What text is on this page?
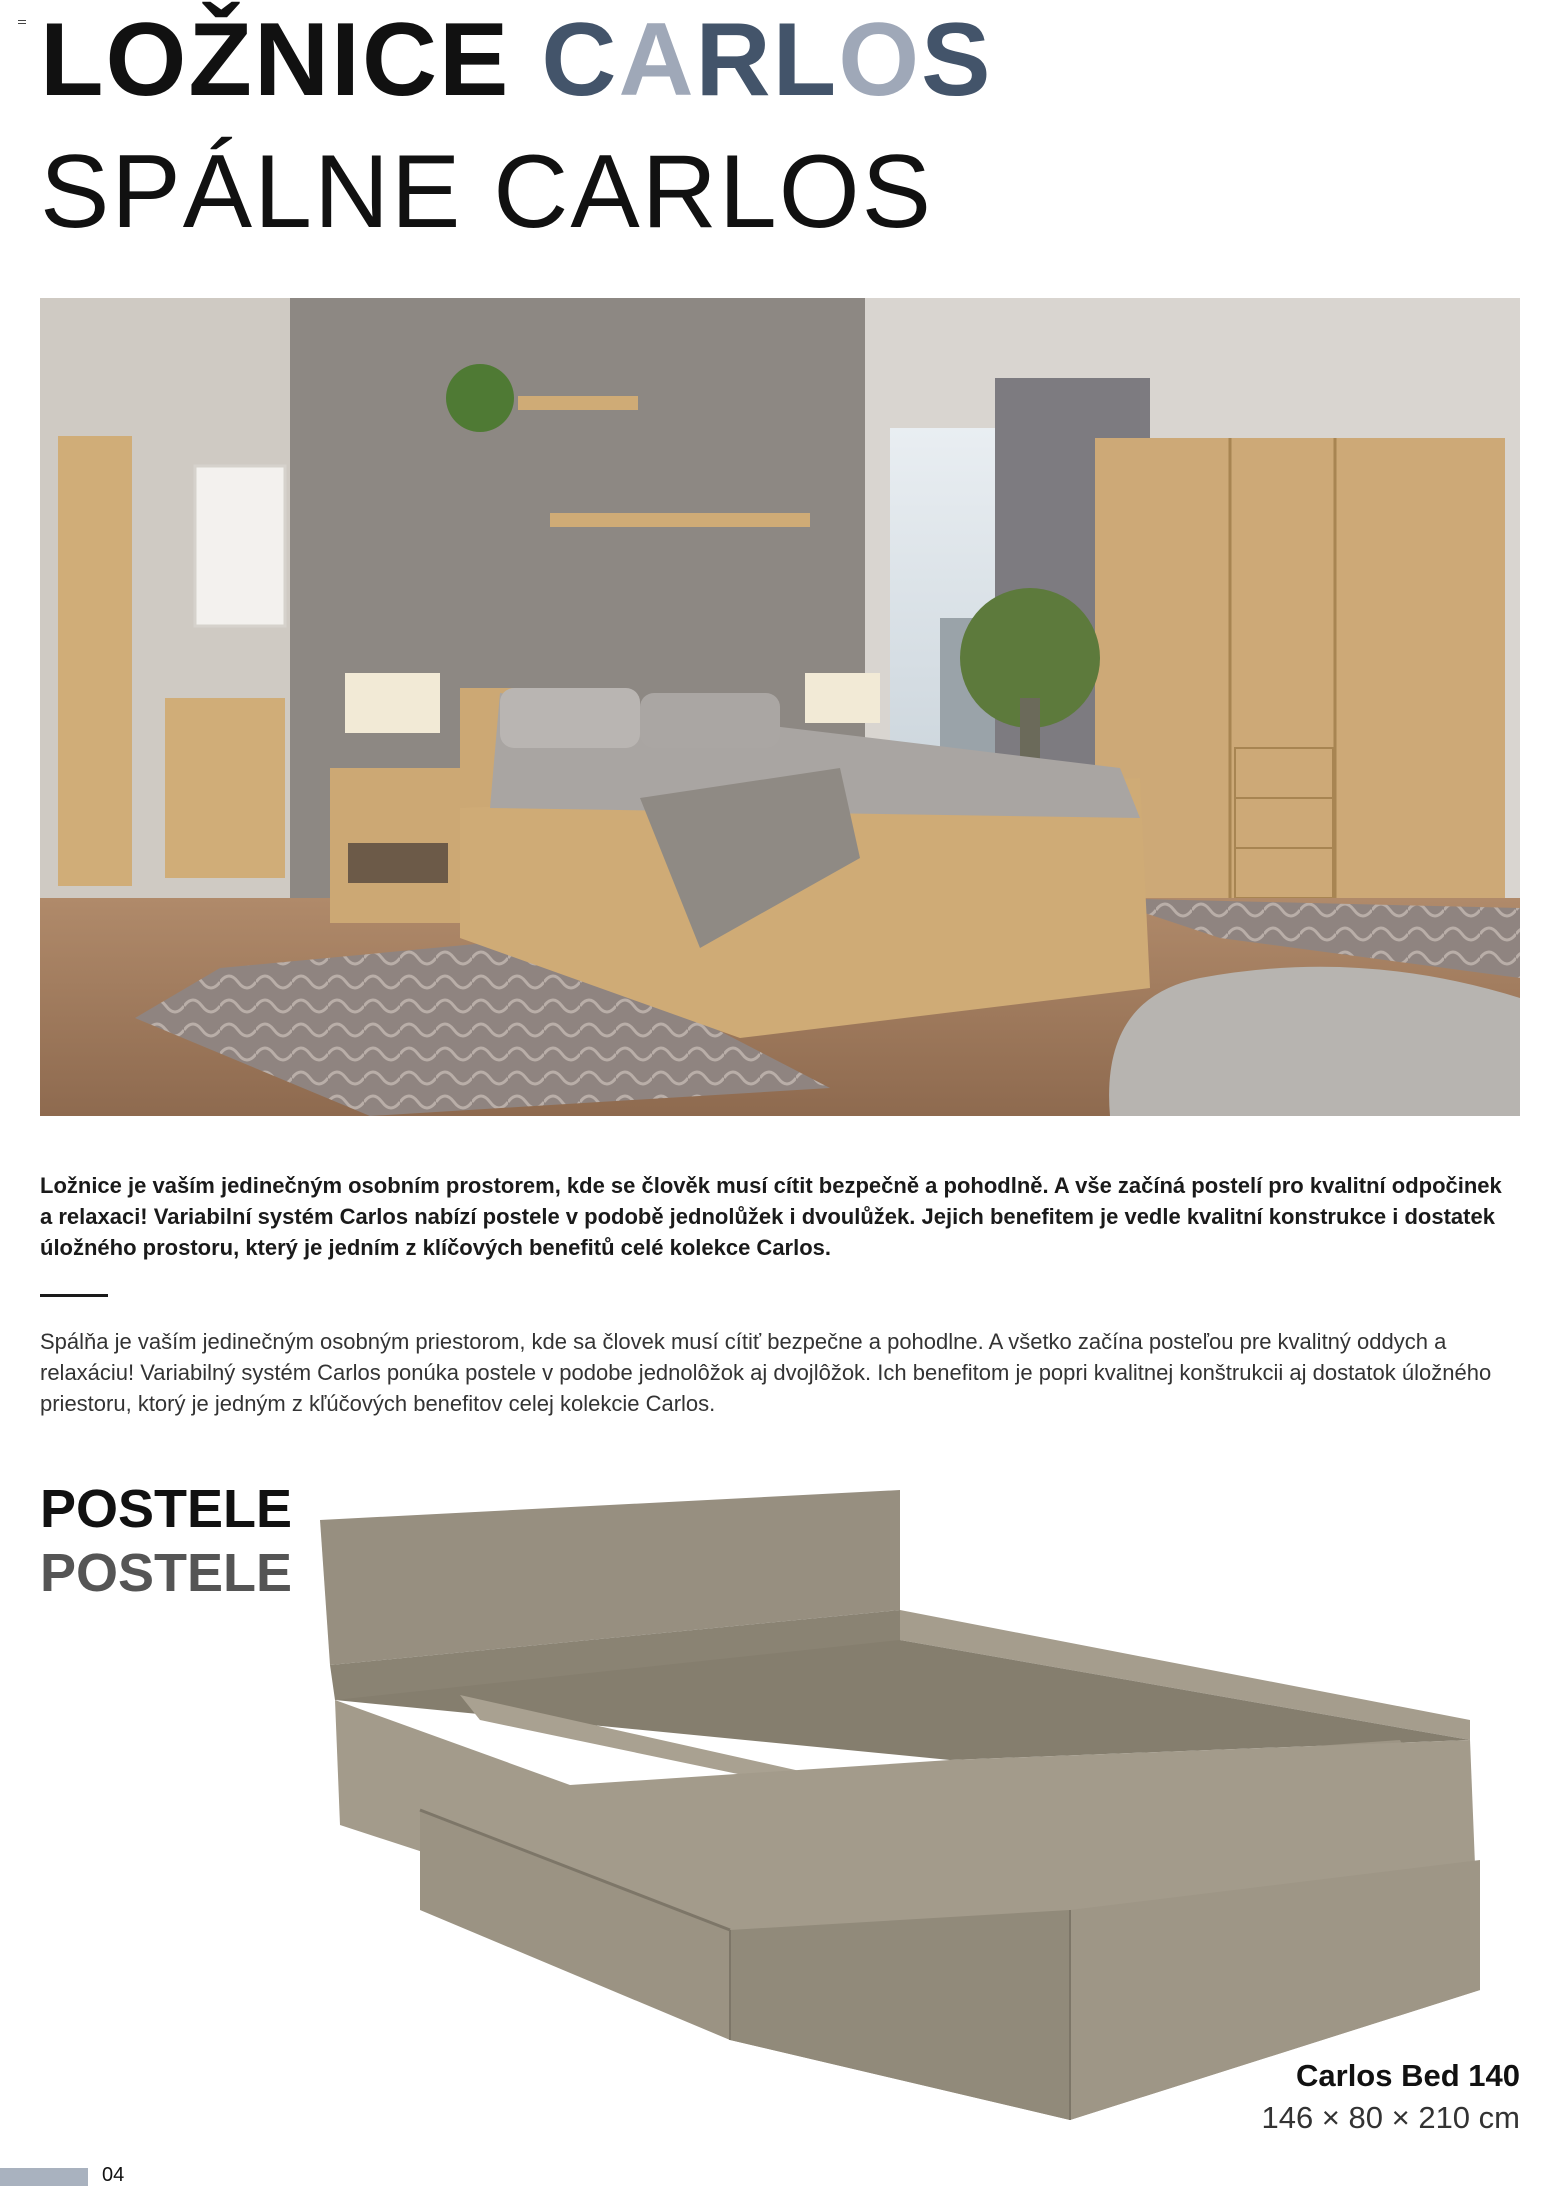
LOŽNICE CARLOS
SPÁLNE CARLOS

Ložnice je vaším jedinečným osobním prostorem, kde se člověk musí cítit bezpečně a pohodlně. A vše začíná postelí pro kvalitní odpočinek a relaxaci! Variabilní systém Carlos nabízí postele v podobě jednolůžek i dvoulůžek. Jejich benefitem je vedle kvalitní konstrukce i dostatek úložného prostoru, který je jedním z klíčových benefitů celé kolekce Carlos.

Spálňa je vaším jedinečným osobným priestorom, kde sa človek musí cítiť bezpečne a pohodlne. A všetko začína posteľou pre kvalitný oddych a relaxáciu! Variabilný systém Carlos ponúka postele v podobe jednolôžok aj dvojlôžok. Ich benefitom je popri kvalitnej konštrukcii aj dostatok úložného priestoru, ktorý je jedným z kľúčových benefitov celej kolekcie Carlos.

POSTELE
POSTELE
Carlos Bed 140
146 × 80 × 210 cm
04
